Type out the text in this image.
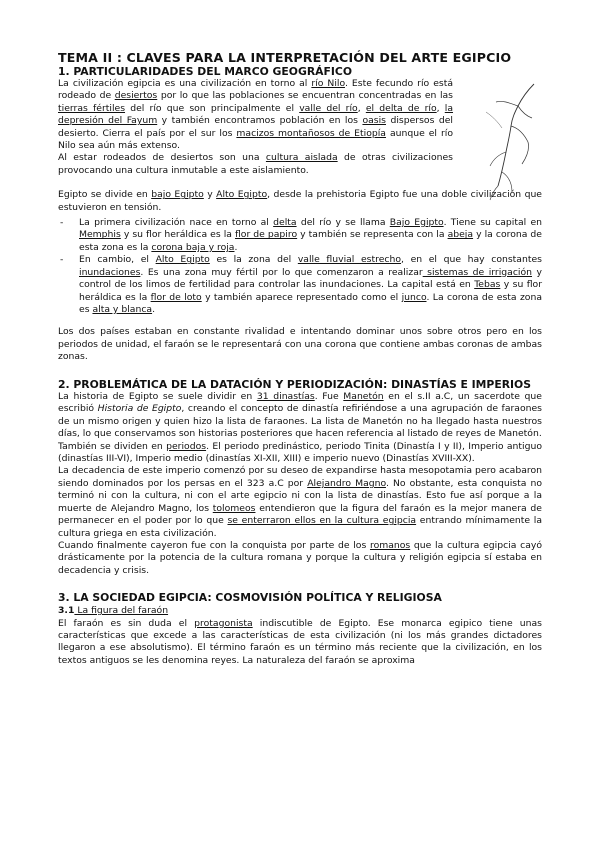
TEMA II : CLAVES PARA LA INTERPRETACIÓN DEL ARTE EGIPCIO
1. PARTICULARIDADES DEL MARCO GEOGRÁFICO

La civilización egipcia es una civilización en torno al río Nilo. Este fecundo río está rodeado de desiertos por lo que las poblaciones se encuentran concentradas en las tierras fértiles del río que son principalmente el valle del río, el delta de río, la depresión del Fayum y también encontramos población en los oasis dispersos del desierto. Cierra el país por el sur los macizos montañosos de Etiopía aunque el río Nilo sea aún más extenso.

Al estar rodeados de desiertos son una cultura aislada de otras civilizaciones provocando una cultura inmutable a este aislamiento.

Egipto se divide en bajo Egipto y Alto Egipto, desde la prehistoria Egipto fue una doble civilización que estuvieron en tensión.

- La primera civilización nace en torno al delta del río y se llama Bajo Egipto. Tiene su capital en Memphis y su flor heráldica es la flor de papiro y también se representa con la abeja y la corona de esta zona es la corona baja y roja.
- En cambio, el Alto Egipto es la zona del valle fluvial estrecho, en el que hay constantes inundaciones. Es una zona muy fértil por lo que comenzaron a realizar sistemas de irrigación y control de los limos de fertilidad para controlar las inundaciones. La capital está en Tebas y su flor heráldica es la flor de loto y también aparece representado como el junco. La corona de esta zona es alta y blanca.

Los dos países estaban en constante rivalidad e intentando dominar unos sobre otros pero en los periodos de unidad, el faraón se le representará con una corona que contiene ambas coronas de ambas zonas.

2. PROBLEMÁTICA DE LA DATACIÓN Y PERIODIZACIÓN: DINASTÍAS E IMPERIOS

La historia de Egipto se suele dividir en 31 dinastías. Fue Manetón en el s.II a.C, un sacerdote que escribió Historia de Egipto, creando el concepto de dinastía refiriéndose a una agrupación de faraones de un mismo origen y quien hizo la lista de faraones. La lista de Manetón no ha llegado hasta nuestros días, lo que conservamos son historias posteriores que hacen referencia al listado de reyes de Manetón.

También se dividen en periodos. El periodo predinástico, periodo Tinita (Dinastía I y II), Imperio antiguo (dinastías III-VI), Imperio medio (dinastías XI-XII, XIII) e imperio nuevo (Dinastías XVIII-XX).

La decadencia de este imperio comenzó por su deseo de expandirse hasta mesopotamia pero acabaron siendo dominados por los persas en el 323 a.C por Alejandro Magno. No obstante, esta conquista no terminó ni con la cultura, ni con el arte egipcio ni con la lista de dinastías. Esto fue así porque a la muerte de Alejandro Magno, los tolomeos entendieron que la figura del faraón es la mejor manera de permanecer en el poder por lo que se enterraron ellos en la cultura egipcia entrando mínimamente la cultura griega en esta civilización.

Cuando finalmente cayeron fue con la conquista por parte de los romanos que la cultura egipcia cayó drásticamente por la potencia de la cultura romana y porque la cultura y religión egipcia sí estaba en decadencia y crisis.

3. LA SOCIEDAD EGIPCIA: COSMOVISIÓN POLÍTICA Y RELIGIOSA

3.1 La figura del faraón

El faraón es sin duda el protagonista indiscutible de Egipto. Ese monarca egipico tiene unas características que excede a las características de esta civilización (ni los más grandes dictadores llegaron a ese absolutismo). El término faraón es un término más reciente que la civilización, en los textos antiguos se les denomina reyes. La naturaleza del faraón se aproxima
